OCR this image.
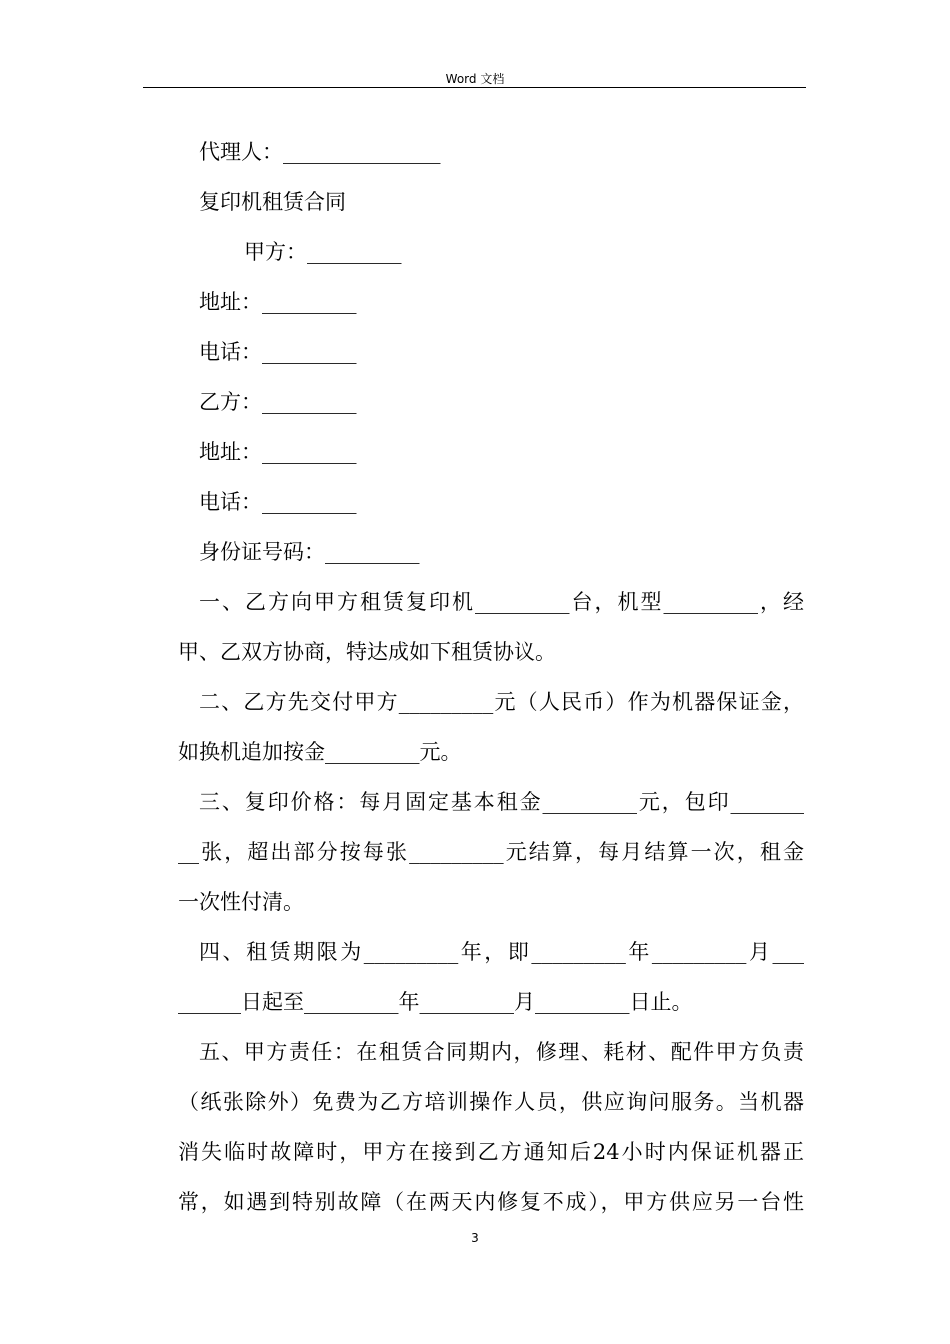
Word 文档
代理人：_______________
复印机租赁合同
甲方：_________
地址：_________
电话：_________
乙方：_________
地址：_________
电话：_________
身份证号码：_________
一、乙方向甲方租赁复印机_________台，机型_________，经
甲、乙双方协商，特达成如下租赁协议。
二、乙方先交付甲方_________元（人民币）作为机器保证金，
如换机追加按金_________元。
三、复印价格：每月固定基本租金_________元，包印_______
__张，超出部分按每张_________元结算，每月结算一次，租金
一次性付清。
四、租赁期限为_________年，即_________年_________月___
______日起至_________年_________月_________日止。
五、甲方责任：在租赁合同期内，修理、耗材、配件甲方负责
（纸张除外）免费为乙方培训操作人员，供应询问服务。当机器
消失临时故障时，甲方在接到乙方通知后24小时内保证机器正
常，如遇到特别故障（在两天内修复不成），甲方供应另一台性
3
